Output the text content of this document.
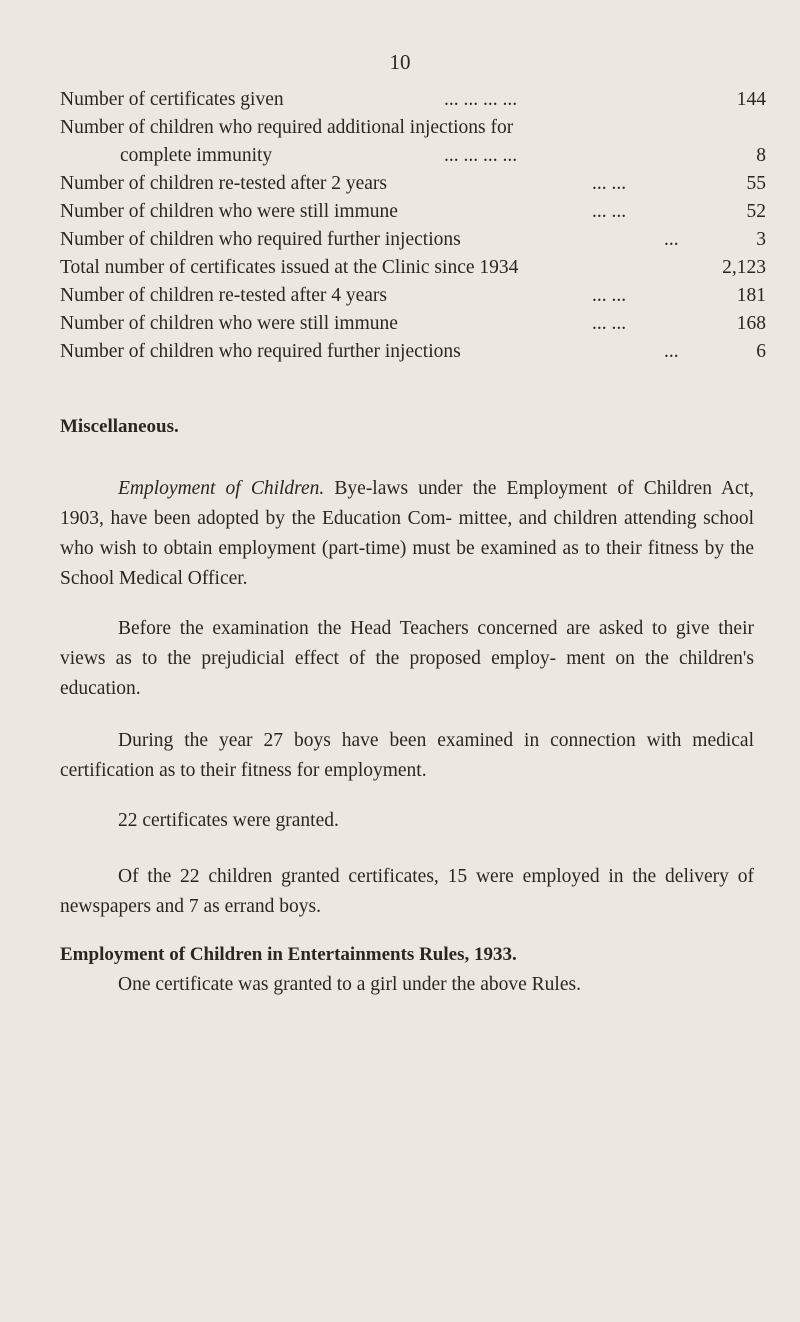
10
Number of certificates given	... ... ... ...	144
Number of children who required additional injections for
complete immunity	... ... ... ...	8
Number of children re-tested after 2 years	... ...	55
Number of children who were still immune	... ...	52
Number of children who required further injections	...	3
Total number of certificates issued at the Clinic since 1934	2,123
Number of children re-tested after 4 years	... ...	181
Number of children who were still immune	... ...	168
Number of children who required further injections	...	6
Miscellaneous.
Employment of Children. Bye-laws under the Employment of Children Act, 1903, have been adopted by the Education Com- mittee, and children attending school who wish to obtain employment (part-time) must be examined as to their fitness by the School Medical Officer.
Before the examination the Head Teachers concerned are asked to give their views as to the prejudicial effect of the proposed employ- ment on the children's education.
During the year 27 boys have been examined in connection with medical certification as to their fitness for employment.
22 certificates were granted.
Of the 22 children granted certificates, 15 were employed in the delivery of newspapers and 7 as errand boys.
Employment of Children in Entertainments Rules, 1933.
One certificate was granted to a girl under the above Rules.
